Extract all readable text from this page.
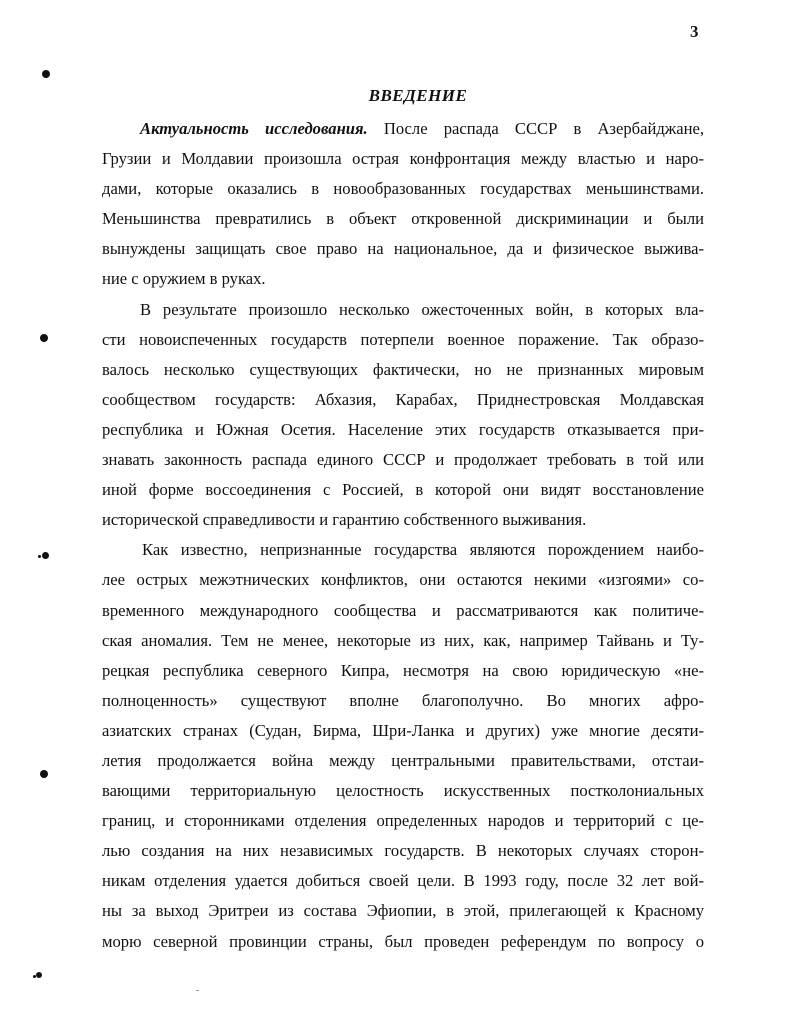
3
ВВЕДЕНИЕ

Актуальность исследования. После распада СССР в Азербайджане,
Грузии и Молдавии произошла острая конфронтация между властью и наро-
дами, которые оказались в новообразованных государствах меньшинствами.
Меньшинства превратились в объект откровенной дискриминации и были
вынуждены защищать свое право на национальное, да и физическое выжива-
ние с оружием в руках.

В результате произошло несколько ожесточенных войн, в которых вла-
сти новоиспеченных государств потерпели военное поражение. Так образо-
валось несколько существующих фактически, но не признанных мировым
сообществом государств: Абхазия, Карабах, Приднестровская Молдавская
республика и Южная Осетия. Население этих государств отказывается при-
знавать законность распада единого СССР и продолжает требовать в той или
иной форме воссоединения с Россией, в которой они видят восстановление
исторической справедливости и гарантию собственного выживания.

Как известно, непризнанные государства являются порождением наибо-
лее острых межэтнических конфликтов, они остаются некими «изгоями» со-
временного международного сообщества и рассматриваются как политиче-
ская аномалия. Тем не менее, некоторые из них, как, например Тайвань и Ту-
рецкая республика северного Кипра, несмотря на свою юридическую «не-
полноценность» существуют вполне благополучно. Во многих афро-
азиатских странах (Судан, Бирма, Шри-Ланка и других) уже многие десяти-
летия продолжается война между центральными правительствами, отстаи-
вающими территориальную целостность искусственных постколониальных
границ, и сторонниками отделения определенных народов и территорий с це-
лью создания на них независимых государств. В некоторых случаях сторон-
никам отделения удается добиться своей цели. В 1993 году, после 32 лет вой-
ны за выход Эритреи из состава Эфиопии, в этой, прилегающей к Красному
морю северной провинции страны, был проведен референдум по вопросу о
